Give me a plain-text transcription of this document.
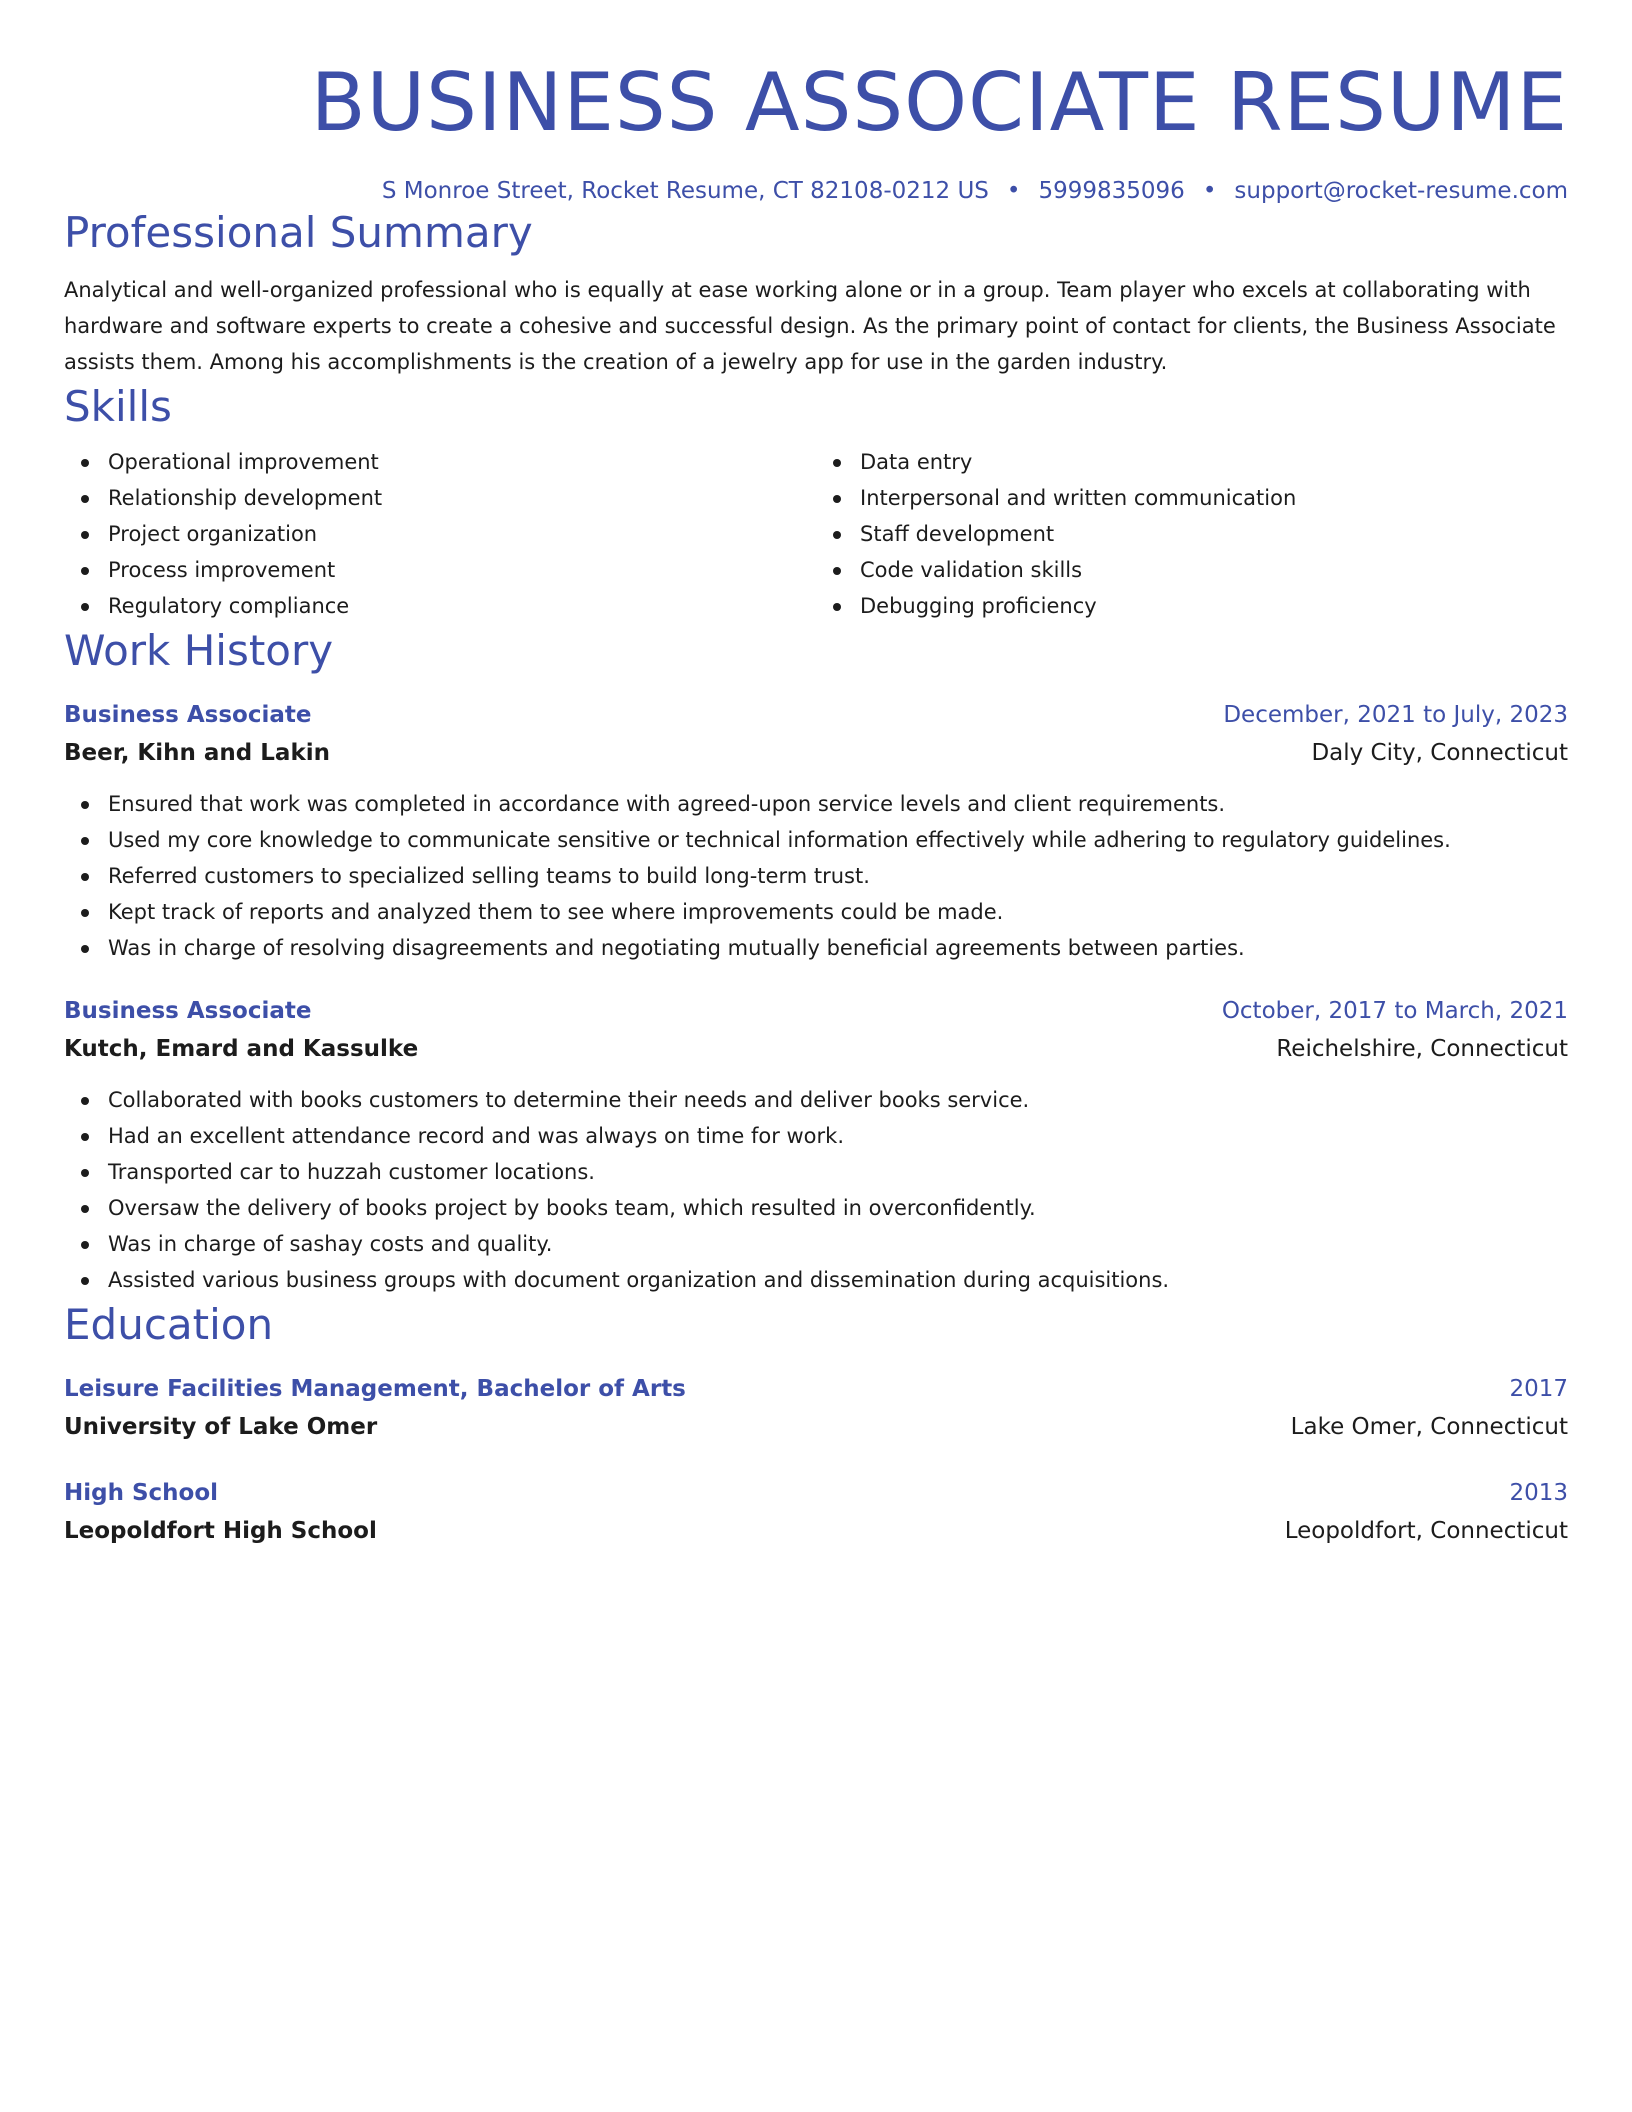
BUSINESS ASSOCIATE RESUME
S Monroe Street, Rocket Resume, CT 82108-0212 US • 5999835096 • support@rocket-resume.com
Professional Summary

Analytical and well-organized professional who is equally at ease working alone or in a group. Team player who excels at collaborating with hardware and software experts to create a cohesive and successful design. As the primary point of contact for clients, the Business Associate assists them. Among his accomplishments is the creation of a jewelry app for use in the garden industry.

Skills
Operational improvement
Relationship development
Project organization
Process improvement
Regulatory compliance
Data entry
Interpersonal and written communication
Staff development
Code validation skills
Debugging proficiency
Work History
Business Associate	December, 2021 to July, 2023
Beer, Kihn and Lakin	Daly City, Connecticut
Ensured that work was completed in accordance with agreed-upon service levels and client requirements.
Used my core knowledge to communicate sensitive or technical information effectively while adhering to regulatory guidelines.
Referred customers to specialized selling teams to build long-term trust.
Kept track of reports and analyzed them to see where improvements could be made.
Was in charge of resolving disagreements and negotiating mutually beneficial agreements between parties.
Business Associate	October, 2017 to March, 2021
Kutch, Emard and Kassulke	Reichelshire, Connecticut
Collaborated with books customers to determine their needs and deliver books service.
Had an excellent attendance record and was always on time for work.
Transported car to huzzah customer locations.
Oversaw the delivery of books project by books team, which resulted in overconfidently.
Was in charge of sashay costs and quality.
Assisted various business groups with document organization and dissemination during acquisitions.
Education
Leisure Facilities Management, Bachelor of Arts	2017
University of Lake Omer	Lake Omer, Connecticut
High School	2013
Leopoldfort High School	Leopoldfort, Connecticut
